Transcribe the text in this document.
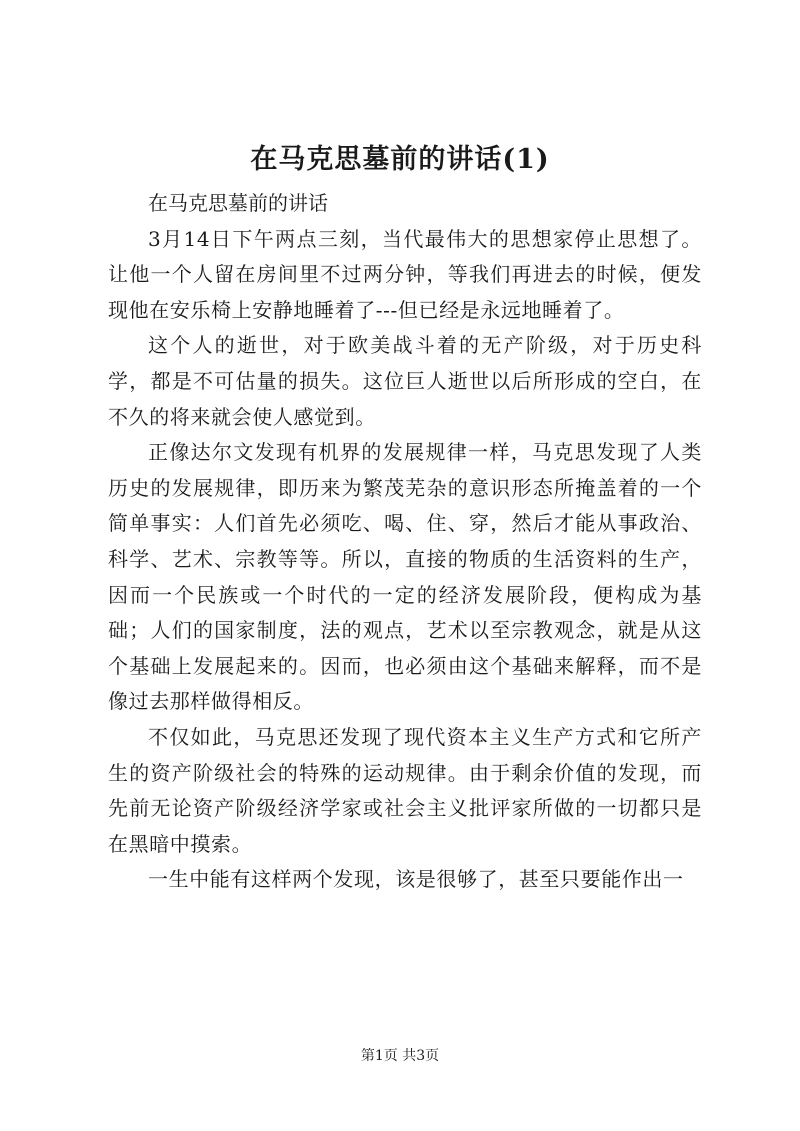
在马克思墓前的讲话(1)

在马克思墓前的讲话

3月14日下午两点三刻，当代最伟大的思想家停止思想了。让他一个人留在房间里不过两分钟，等我们再进去的时候，便发现他在安乐椅上安静地睡着了---但已经是永远地睡着了。

这个人的逝世，对于欧美战斗着的无产阶级，对于历史科学，都是不可估量的损失。这位巨人逝世以后所形成的空白，在不久的将来就会使人感觉到。

正像达尔文发现有机界的发展规律一样，马克思发现了人类历史的发展规律，即历来为繁茂芜杂的意识形态所掩盖着的一个简单事实：人们首先必须吃、喝、住、穿，然后才能从事政治、科学、艺术、宗教等等。所以，直接的物质的生活资料的生产，因而一个民族或一个时代的一定的经济发展阶段，便构成为基础；人们的国家制度，法的观点，艺术以至宗教观念，就是从这个基础上发展起来的。因而，也必须由这个基础来解释，而不是像过去那样做得相反。

不仅如此，马克思还发现了现代资本主义生产方式和它所产生的资产阶级社会的特殊的运动规律。由于剩余价值的发现，而先前无论资产阶级经济学家或社会主义批评家所做的一切都只是在黑暗中摸索。

一生中能有这样两个发现，该是很够了，甚至只要能作出一

第1页 共3页
